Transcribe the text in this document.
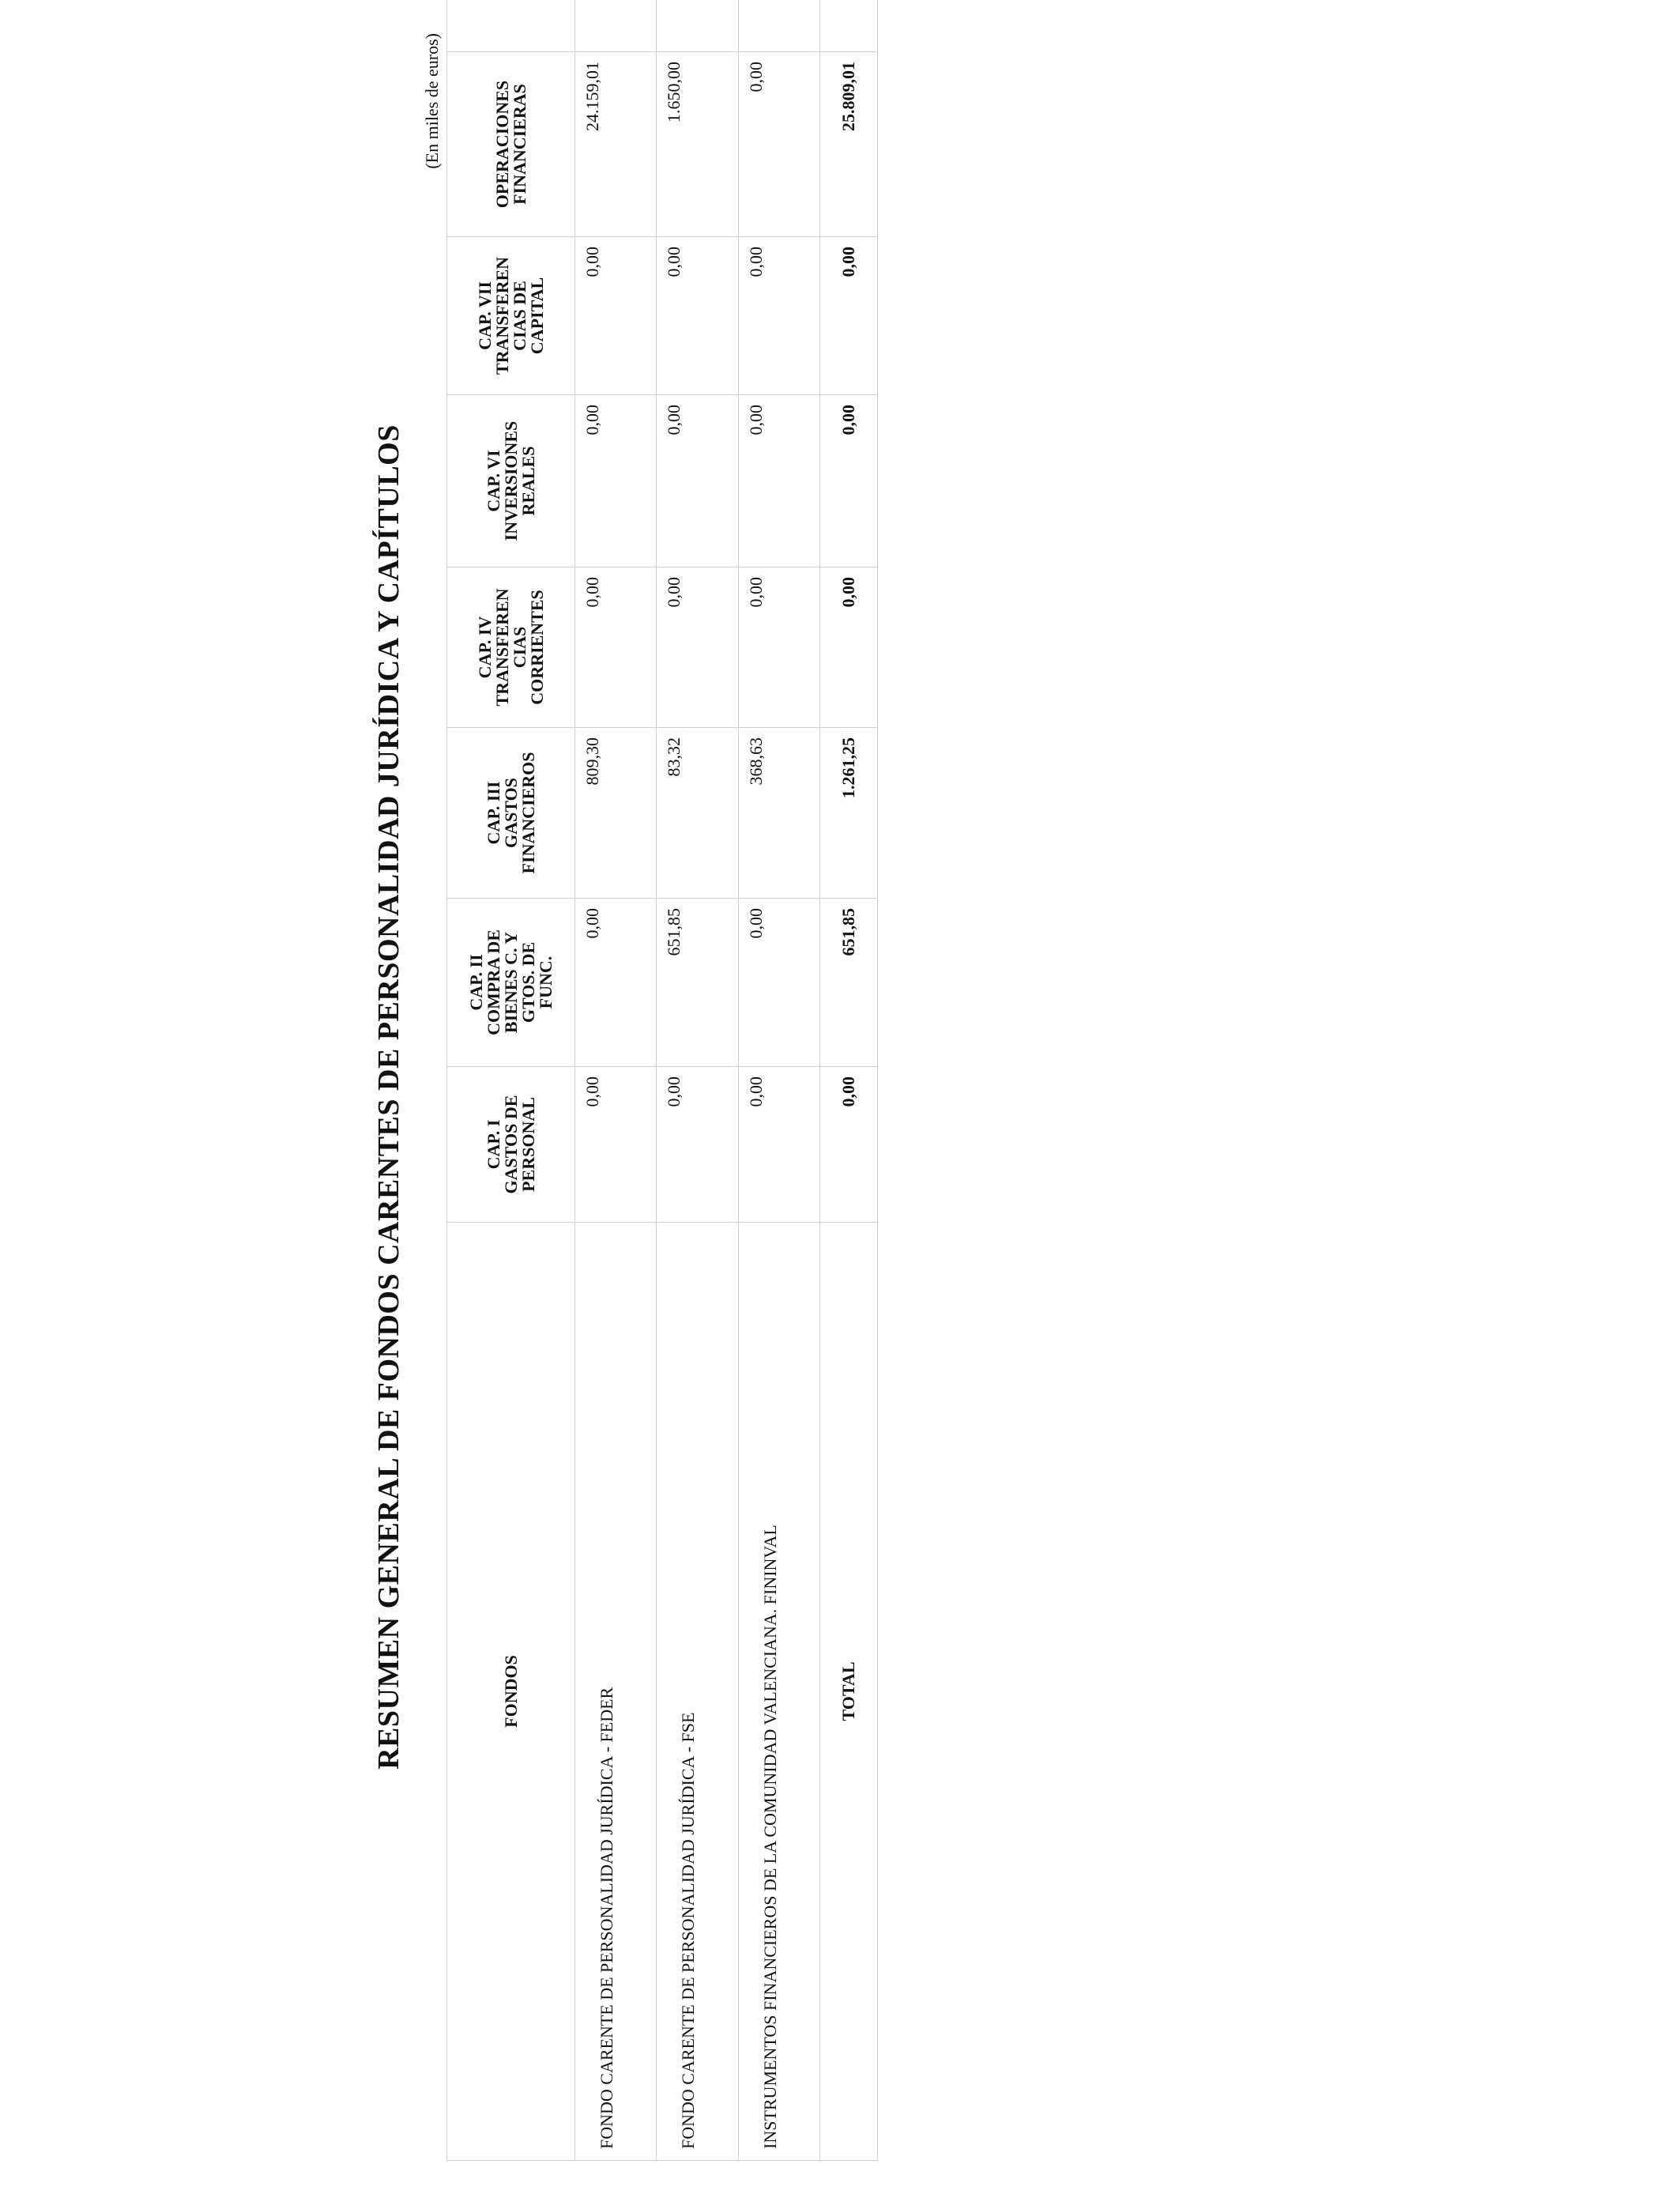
RESUMEN GENERAL DE FONDOS CARENTES DE PERSONALIDAD JURÍDICA Y CAPÍTULOS
(En miles de euros)
FONDOS	CAP. I
GASTOS DE
PERSONAL	CAP. II
COMPRA DE
BIENES C. Y
GTOS. DE
FUNC.	CAP. III
GASTOS
FINANCIEROS	CAP. IV
TRANSFEREN
CIAS
CORRIENTES	CAP. VI
INVERSIONES
REALES	CAP. VII
TRANSFEREN
CIAS DE
CAPITAL	OPERACIONES
FINANCIERAS	
FONDO CARENTE DE PERSONALIDAD JURÍDICA - FEDER	0,00	0,00	809,30	0,00	0,00	0,00	24.159,01	
FONDO CARENTE DE PERSONALIDAD JURÍDICA - FSE	0,00	651,85	83,32	0,00	0,00	0,00	1.650,00	
INSTRUMENTOS FINANCIEROS DE LA COMUNIDAD VALENCIANA. FININVAL	0,00	0,00	368,63	0,00	0,00	0,00	0,00	
TOTAL	0,00	651,85	1.261,25	0,00	0,00	0,00	25.809,01	
